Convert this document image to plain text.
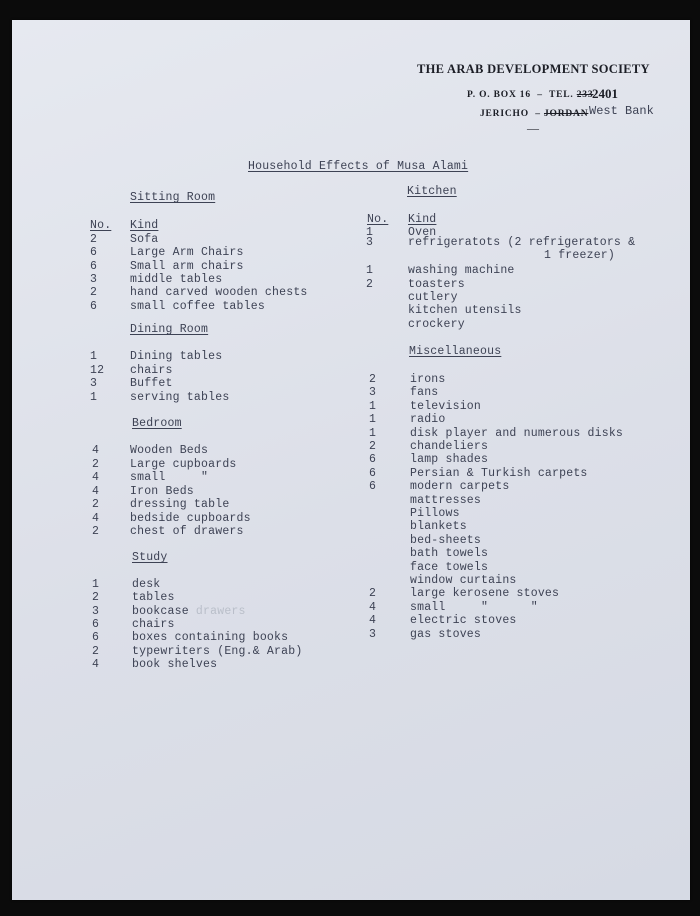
THE ARAB DEVELOPMENT SOCIETY
P. O. BOX 16  –  TEL. 233
2401
JERICHO  – JORDAN West Bank
—
Household Effects of Musa Alami
Sitting Room
No. Kind
2	Sofa
6	Large Arm Chairs
6	Small arm chairs
3	middle tables
2	hand carved wooden chests
6	small coffee tables
Dining Room
1	Dining tables
12 chairs
3	Buffet
1	serving tables
Bedroom
4	Wooden Beds
2	Large cupboards
4	small     "
4	Iron Beds
2	dressing table
4	bedside cupboards
2	chest of drawers
Study
1	desk
2	tables
3	bookcase drawers
6	chairs
6	boxes containing books
2	typewriters (Eng.& Arab)
4	book shelves
Kitchen
No. Kind
1	Oven
3	refrigeratots (2 refrigerators &
1 freezer)
1	washing machine
2	toasters
cutlery
kitchen utensils
crockery
Miscellaneous
2	irons
3	fans
1	television
1	radio
1	disk player and numerous disks
2	chandeliers
6	lamp shades
6	Persian & Turkish carpets
6	modern carpets
mattresses
Pillows
blankets
bed-sheets
bath towels
face towels
window curtains
2	large kerosene stoves
4	small     "      "
4	electric stoves
3	gas stoves
